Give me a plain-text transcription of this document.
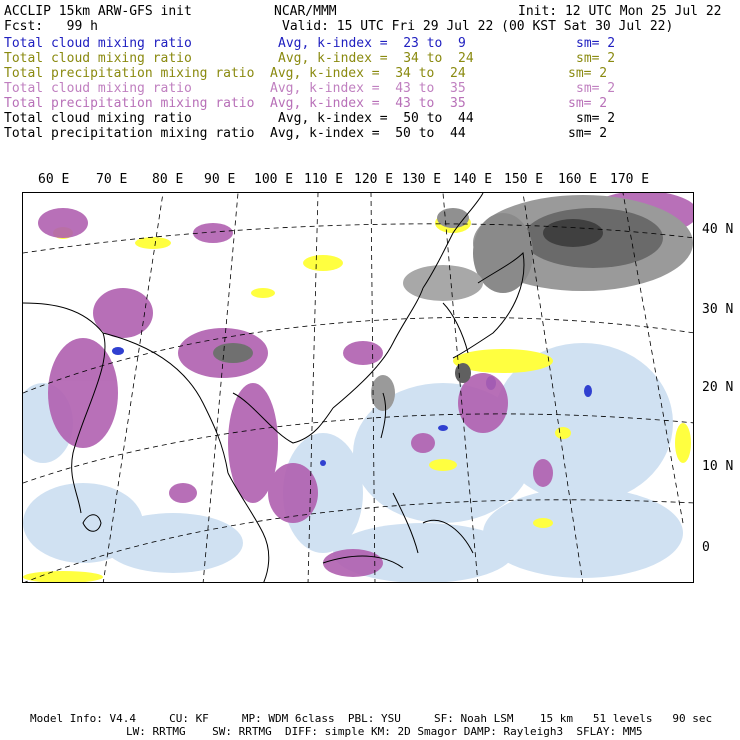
ACCLIP 15km ARW-GFS init	NCAR/MMM	Init: 12 UTC Mon 25 Jul 22
Fcst:   99 h	Valid: 15 UTC Fri 29 Jul 22 (00 KST Sat 30 Jul 22)
Total cloud mixing ratio	Avg, k-index =  23 to  9	sm= 2
Total cloud mixing ratio	Avg, k-index =  34 to  24	sm= 2
Total precipitation mixing ratio Avg, k-index =  34 to  24	sm= 2
Total cloud mixing ratio	Avg, k-index =  43 to  35	sm= 2
Total precipitation mixing ratio Avg, k-index =  43 to  35	sm= 2
Total cloud mixing ratio	Avg, k-index =  50 to  44	sm= 2
Total precipitation mixing ratio Avg, k-index =  50 to  44	sm= 2
60 E 70 E 80 E 90 E 100 E 110 E 120 E 130 E 140 E 150 E 160 E 170 E
40 N
30 N
20 N
10 N
0
Model Info: V4.4     CU: KF     MP: WDM 6class  PBL: YSU     SF: Noah LSM    15 km   51 levels   90 sec
LW: RRTMG    SW: RRTMG  DIFF: simple KM: 2D Smagor DAMP: Rayleigh3  SFLAY: MM5
